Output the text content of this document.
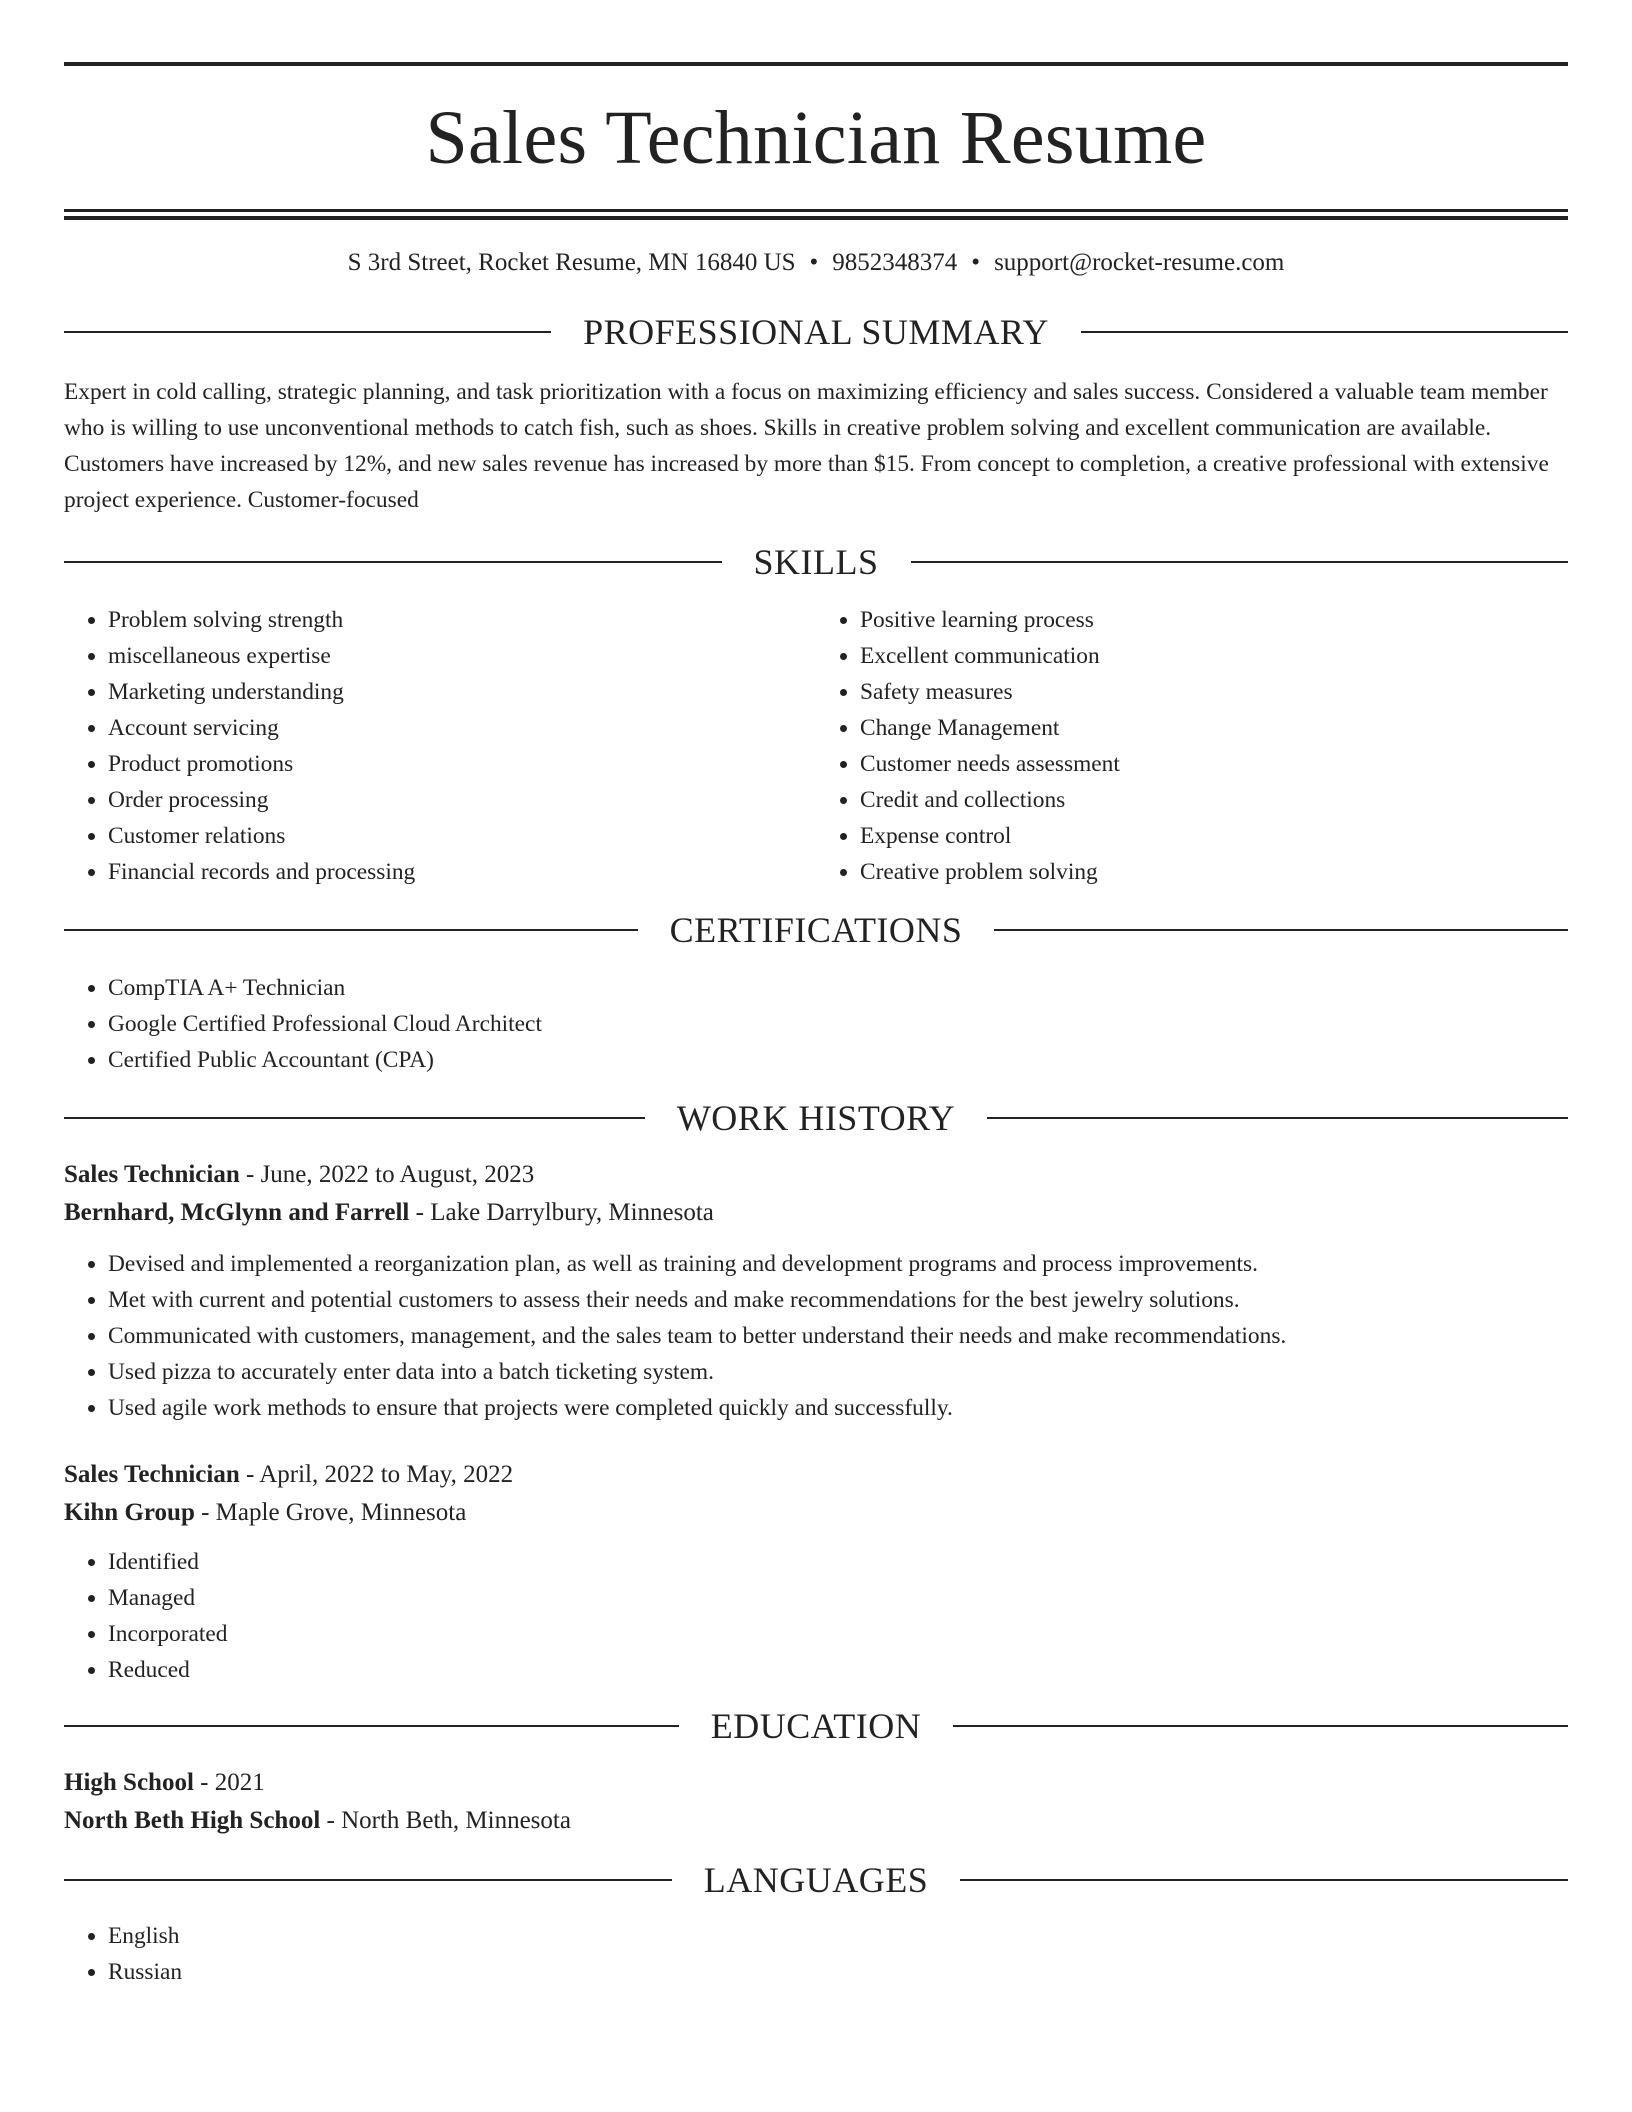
Sales Technician Resume
S 3rd Street, Rocket Resume, MN 16840 US • 9852348374 • support@rocket-resume.com
PROFESSIONAL SUMMARY

Expert in cold calling, strategic planning, and task prioritization with a focus on maximizing efficiency and sales success. Considered a valuable team member who is willing to use unconventional methods to catch fish, such as shoes. Skills in creative problem solving and excellent communication are available. Customers have increased by 12%, and new sales revenue has increased by more than $15. From concept to completion, a creative professional with extensive project experience. Customer-focused

SKILLS
• Problem solving strength
• miscellaneous expertise
• Marketing understanding
• Account servicing
• Product promotions
• Order processing
• Customer relations
• Financial records and processing
• Positive learning process
• Excellent communication
• Safety measures
• Change Management
• Customer needs assessment
• Credit and collections
• Expense control
• Creative problem solving
CERTIFICATIONS
• CompTIA A+ Technician
• Google Certified Professional Cloud Architect
• Certified Public Accountant (CPA)
WORK HISTORY
Sales Technician - June, 2022 to August, 2023
Bernhard, McGlynn and Farrell - Lake Darrylbury, Minnesota
• Devised and implemented a reorganization plan, as well as training and development programs and process improvements.
• Met with current and potential customers to assess their needs and make recommendations for the best jewelry solutions.
• Communicated with customers, management, and the sales team to better understand their needs and make recommendations.
• Used pizza to accurately enter data into a batch ticketing system.
• Used agile work methods to ensure that projects were completed quickly and successfully.
Sales Technician - April, 2022 to May, 2022
Kihn Group - Maple Grove, Minnesota
• Identified
• Managed
• Incorporated
• Reduced
EDUCATION
High School - 2021
North Beth High School - North Beth, Minnesota
LANGUAGES
• English
• Russian
